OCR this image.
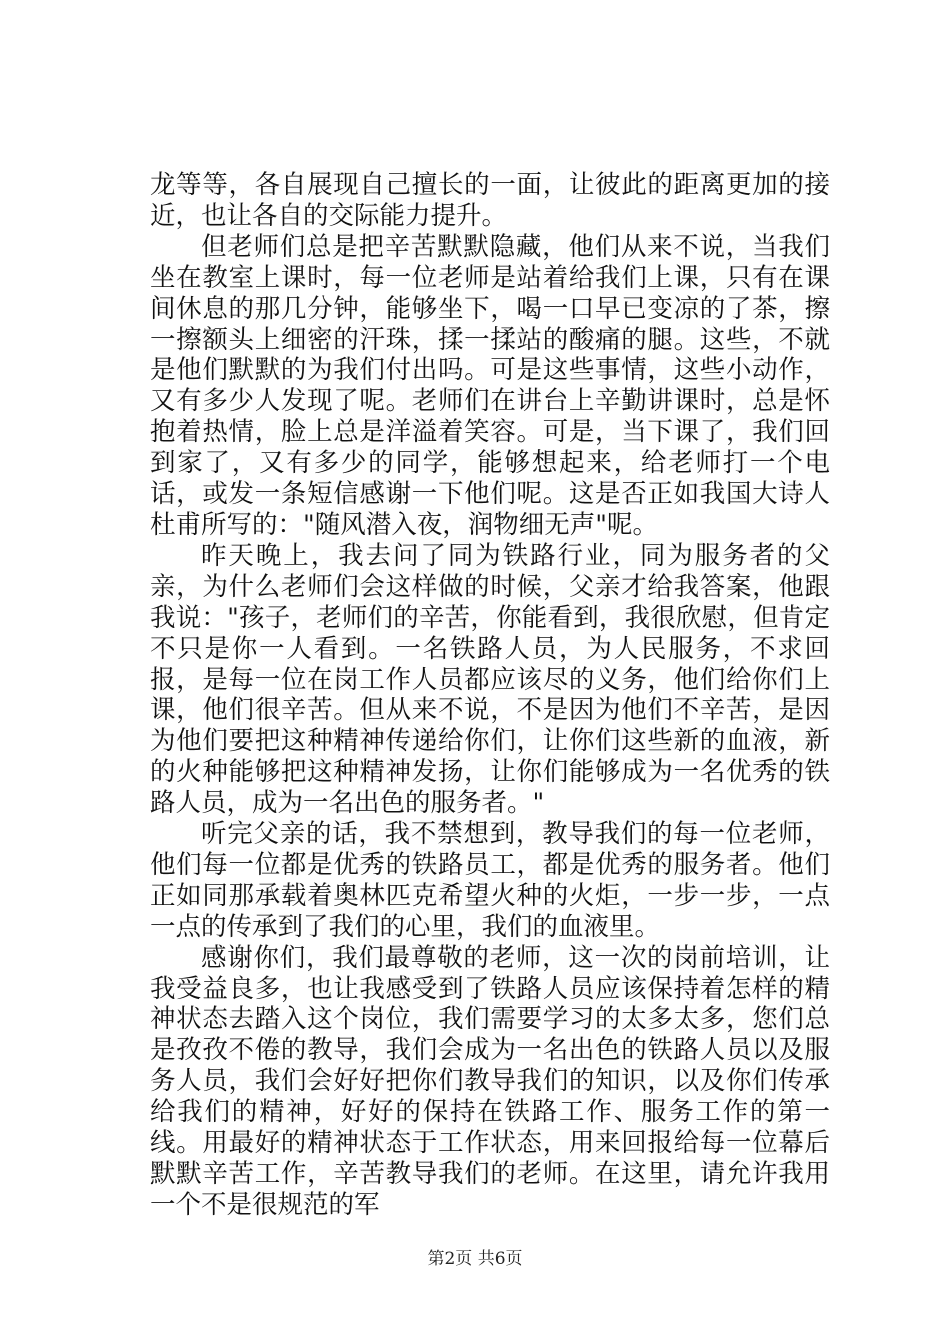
龙等等，各自展现自己擅长的一面，让彼此的距离更加的接近，也让各自的交际能力提升。

但老师们总是把辛苦默默隐藏，他们从来不说，当我们坐在教室上课时，每一位老师是站着给我们上课，只有在课间休息的那几分钟，能够坐下，喝一口早已变凉的了茶，擦一擦额头上细密的汗珠，揉一揉站的酸痛的腿。这些，不就是他们默默的为我们付出吗。可是这些事情，这些小动作，又有多少人发现了呢。老师们在讲台上辛勤讲课时，总是怀抱着热情，脸上总是洋溢着笑容。可是，当下课了，我们回到家了，又有多少的同学，能够想起来，给老师打一个电话，或发一条短信感谢一下他们呢。这是否正如我国大诗人杜甫所写的："随风潜入夜，润物细无声"呢。

昨天晚上，我去问了同为铁路行业，同为服务者的父亲，为什么老师们会这样做的时候，父亲才给我答案，他跟我说："孩子，老师们的辛苦，你能看到，我很欣慰，但肯定不只是你一人看到。一名铁路人员，为人民服务，不求回报，是每一位在岗工作人员都应该尽的义务，他们给你们上课，他们很辛苦。但从来不说，不是因为他们不辛苦，是因为他们要把这种精神传递给你们，让你们这些新的血液，新的火种能够把这种精神发扬，让你们能够成为一名优秀的铁路人员，成为一名出色的服务者。"

听完父亲的话，我不禁想到，教导我们的每一位老师，他们每一位都是优秀的铁路员工，都是优秀的服务者。他们正如同那承载着奥林匹克希望火种的火炬，一步一步，一点一点的传承到了我们的心里，我们的血液里。

感谢你们，我们最尊敬的老师，这一次的岗前培训，让我受益良多，也让我感受到了铁路人员应该保持着怎样的精神状态去踏入这个岗位，我们需要学习的太多太多，您们总是孜孜不倦的教导，我们会成为一名出色的铁路人员以及服务人员，我们会好好把你们教导我们的知识，以及你们传承给我们的精神，好好的保持在铁路工作、服务工作的第一线。用最好的精神状态于工作状态，用来回报给每一位幕后默默辛苦工作，辛苦教导我们的老师。在这里，请允许我用一个不是很规范的军

第2页 共6页
